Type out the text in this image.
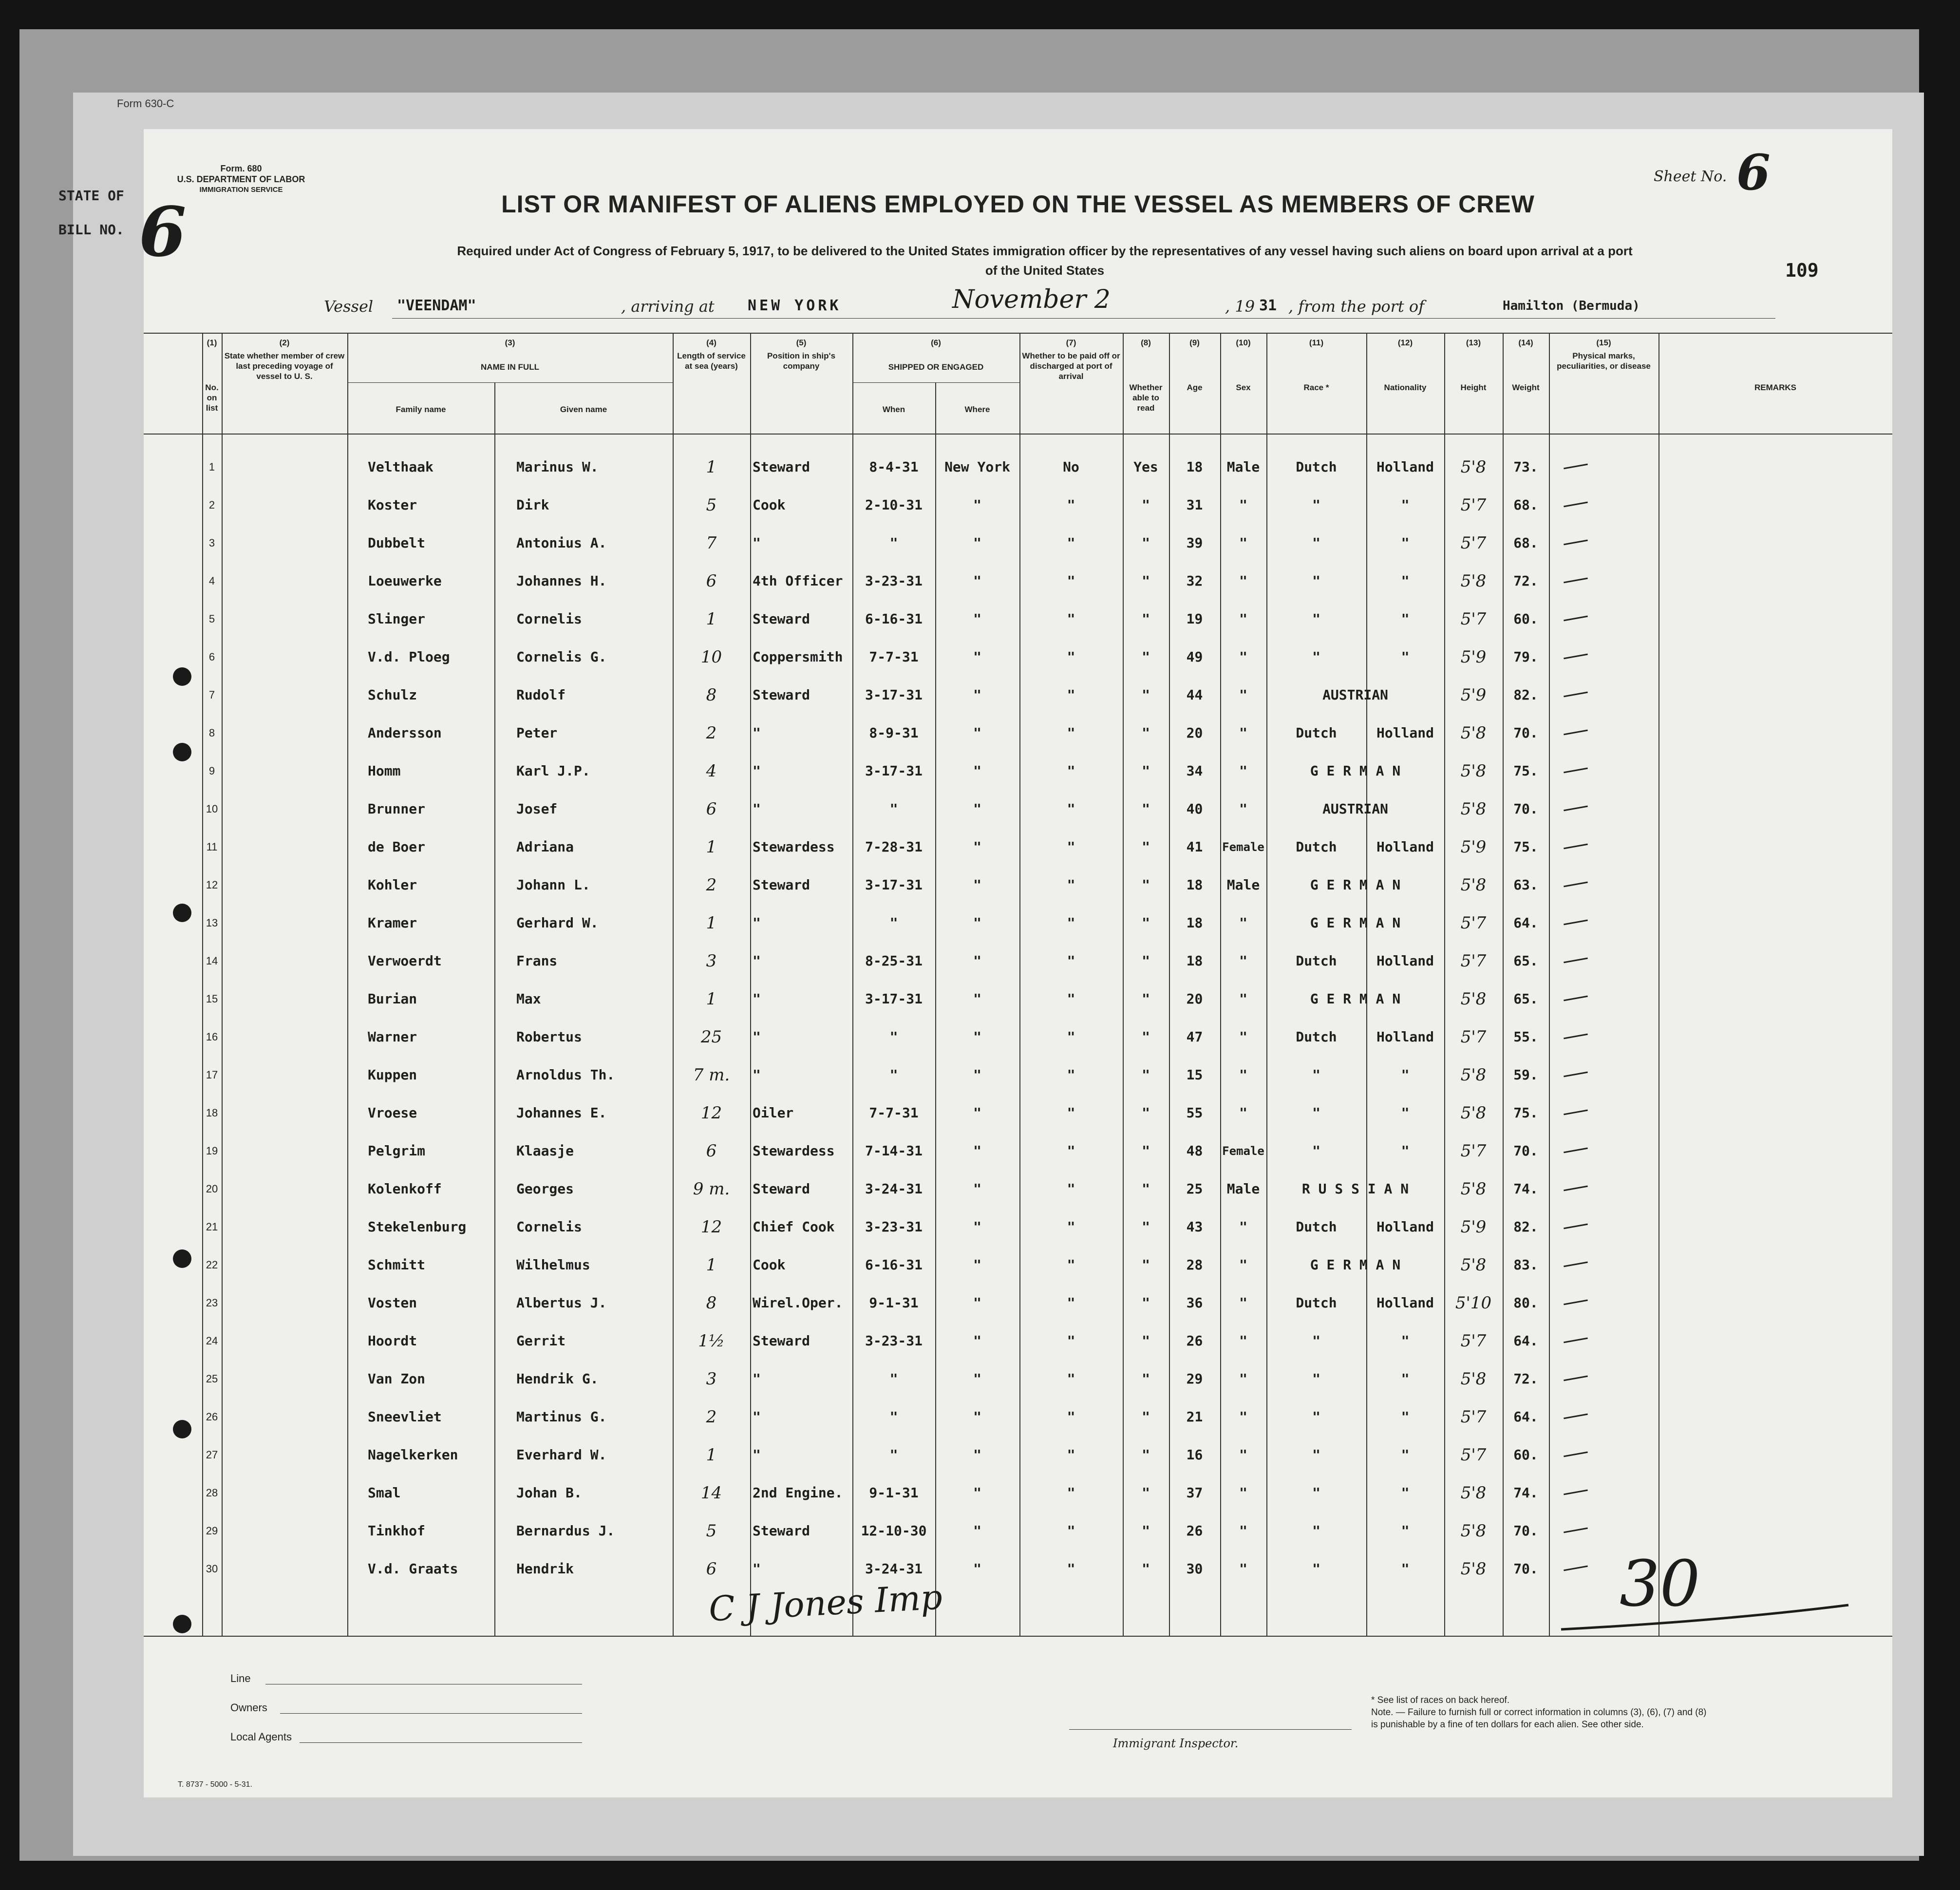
Form 630-C
STATE OF
BILL NO.
Form. 680
U.S. DEPARTMENT OF LABOR
IMMIGRATION SERVICE
6
Sheet No. 6
LIST OR MANIFEST OF ALIENS EMPLOYED ON THE VESSEL AS MEMBERS OF CREW
Required under Act of Congress of February 5, 1917, to be delivered to the United States immigration officer by the representatives of any vessel having such aliens on board upon arrival at a port
of the United States	109
Vessel "VEENDAM"	, arriving at NEW YORK	November 2	, 19 31 , from the port of	Hamilton (Bermuda)
(1)
No. on list
(2)
State whether member of crew last preceding voyage of vessel to U. S.
(3)
NAME IN FULL
Family name	Given name
(4)
Length of service at sea (years)
(5)
Position in ship's company
(6)
SHIPPED OR ENGAGED
When	Where
(7)
Whether to be paid off or discharged at port of arrival
(8)
Whether able to read
(9)
Age
(10)
Sex
(11)
Race *
(12)
Nationality
(13)
Height
(14)
Weight
(15)
Physical marks, peculiarities, or disease
REMARKS
1	Velthaak	Marinus W.	1	Steward	8-4-31	New York	No	Yes	18	Male	Dutch	Holland	5'8	73.
2	Koster	Dirk	5	Cook	2-10-31	"	"	"	31	"	"	"	5'7	68.
3	Dubbelt	Antonius A.	7	"	"	"	"	"	39	"	"	"	5'7	68.
4	Loeuwerke	Johannes H.	6	4th Officer	3-23-31	"	"	"	32	"	"	"	5'8	72.
5	Slinger	Cornelis	1	Steward	6-16-31	"	"	"	19	"	"	"	5'7	60.
6	V.d. Ploeg	Cornelis G.	10	Coppersmith	7-7-31	"	"	"	49	"	"	"	5'9	79.
7	Schulz	Rudolf	8	Steward	3-17-31	"	"	"	44	"	AUSTRIAN	5'9	82.
8	Andersson	Peter	2	"	8-9-31	"	"	"	20	"	Dutch	Holland	5'8	70.
9	Homm	Karl J.P.	4	"	3-17-31	"	"	"	34	"	G E R M A N	5'8	75.
10	Brunner	Josef	6	"	"	"	"	"	40	"	AUSTRIAN	5'8	70.
11	de Boer	Adriana	1	Stewardess	7-28-31	"	"	"	41	Female	Dutch	Holland	5'9	75.
12	Kohler	Johann L.	2	Steward	3-17-31	"	"	"	18	Male	G E R M A N	5'8	63.
13	Kramer	Gerhard W.	1	"	"	"	"	"	18	"	G E R M A N	5'7	64.
14	Verwoerdt	Frans	3	"	8-25-31	"	"	"	18	"	Dutch	Holland	5'7	65.
15	Burian	Max	1	"	3-17-31	"	"	"	20	"	G E R M A N	5'8	65.
16	Warner	Robertus	25	"	"	"	"	"	47	"	Dutch	Holland	5'7	55.
17	Kuppen	Arnoldus Th.	7 m.	"	"	"	"	"	15	"	"	"	5'8	59.
18	Vroese	Johannes E.	12	Oiler	7-7-31	"	"	"	55	"	"	"	5'8	75.
19	Pelgrim	Klaasje	6	Stewardess	7-14-31	"	"	"	48	Female	"	"	5'7	70.
20	Kolenkoff	Georges	9 m.	Steward	3-24-31	"	"	"	25	Male	R U S S I A N	5'8	74.
21	Stekelenburg	Cornelis	12	Chief Cook	3-23-31	"	"	"	43	"	Dutch	Holland	5'9	82.
22	Schmitt	Wilhelmus	1	Cook	6-16-31	"	"	"	28	"	G E R M A N	5'8	83.
23	Vosten	Albertus J.	8	Wirel.Oper.	9-1-31	"	"	"	36	"	Dutch	Holland	5'10	80.
24	Hoordt	Gerrit	1½	Steward	3-23-31	"	"	"	26	"	"	"	5'7	64.
25	Van Zon	Hendrik G.	3	"	"	"	"	"	29	"	"	"	5'8	72.
26	Sneevliet	Martinus G.	2	"	"	"	"	"	21	"	"	"	5'7	64.
27	Nagelkerken	Everhard W.	1	"	"	"	"	"	16	"	"	"	5'7	60.
28	Smal	Johan B.	14	2nd Engine.	9-1-31	"	"	"	37	"	"	"	5'8	74.
29	Tinkhof	Bernardus J.	5	Steward	12-10-30	"	"	"	26	"	"	"	5'8	70.
30	V.d. Graats	Hendrik	6	"	3-24-31	"	"	"	30	"	"	"	5'8	70.
C J Jones Imp	30
Line
Owners
Local Agents	Immigrant Inspector.
* See list of races on back hereof.
Note. — Failure to furnish full or correct information in columns (3), (6), (7) and (8)
is punishable by a fine of ten dollars for each alien. See other side.
T. 8737 - 5000 - 5-31.
